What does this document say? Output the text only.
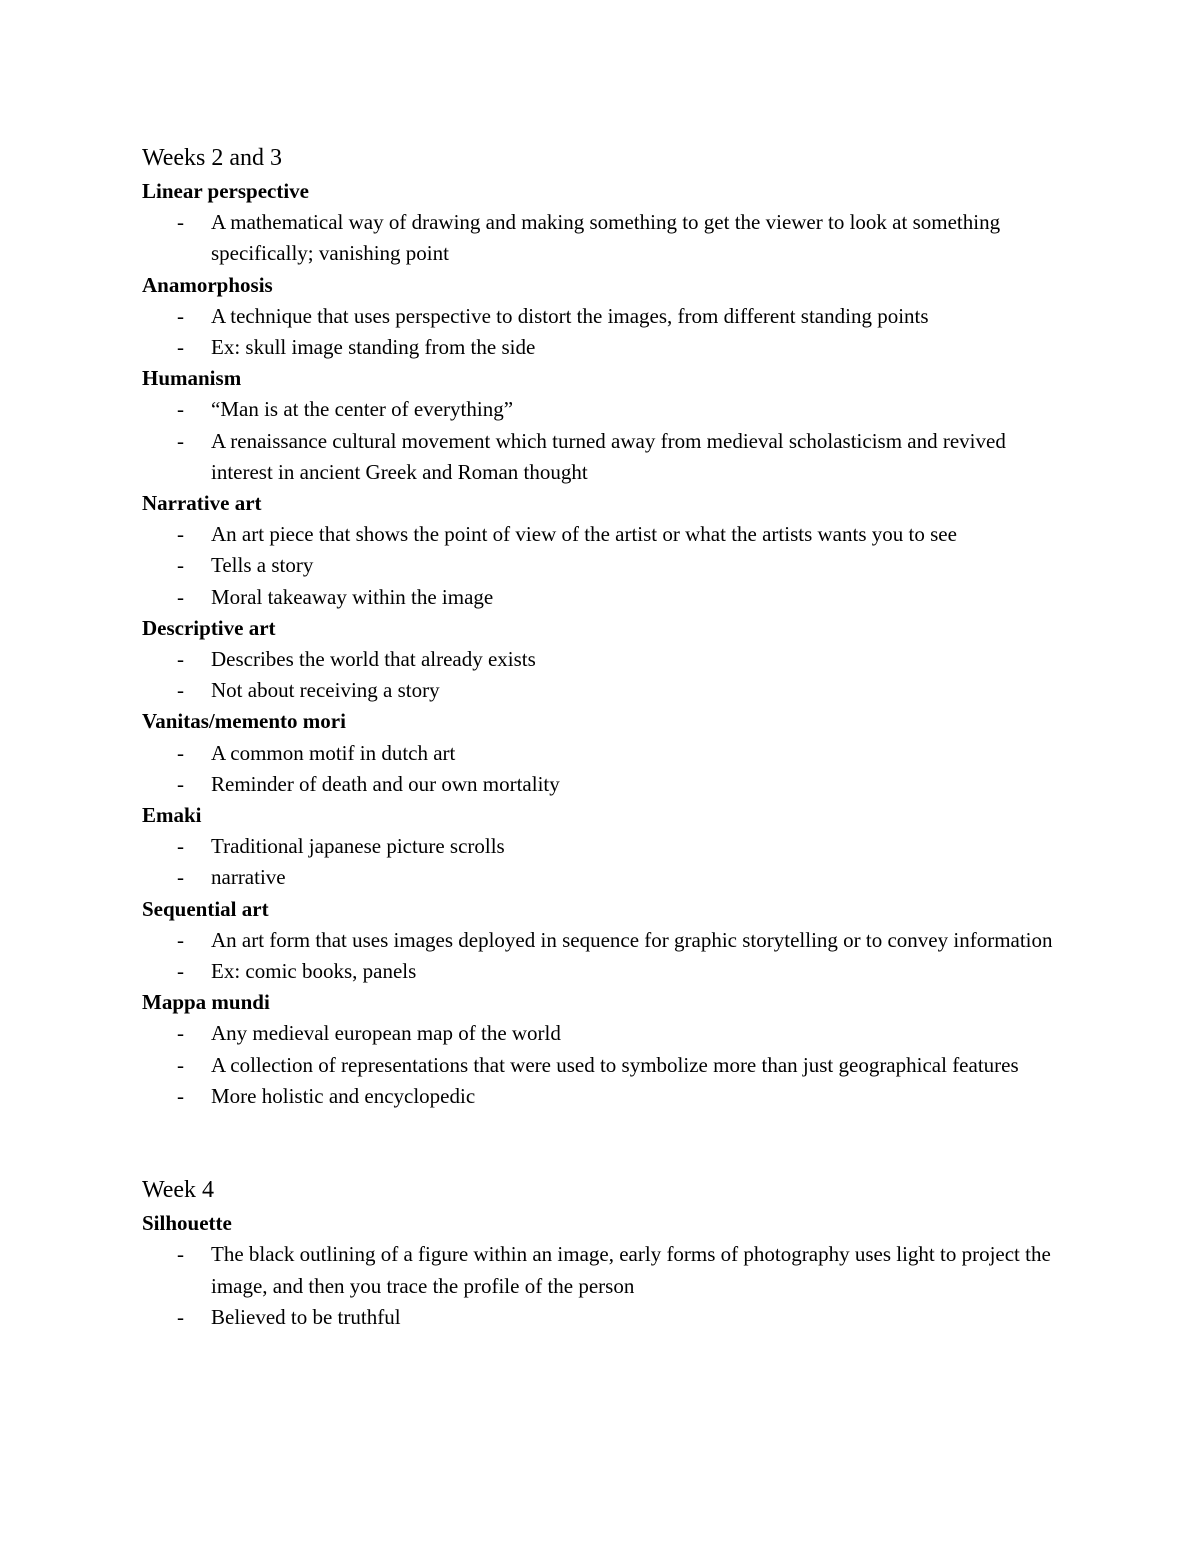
Weeks 2 and 3

Linear perspective

- A mathematical way of drawing and making something to get the viewer to look at something specifically; vanishing point

Anamorphosis

- A technique that uses perspective to distort the images, from different standing points
- Ex: skull image standing from the side

Humanism

- “Man is at the center of everything”
- A renaissance cultural movement which turned away from medieval scholasticism and revived interest in ancient Greek and Roman thought

Narrative art

- An art piece that shows the point of view of the artist or what the artists wants you to see
- Tells a story
- Moral takeaway within the image

Descriptive art

- Describes the world that already exists
- Not about receiving a story

Vanitas/memento mori

- A common motif in dutch art
- Reminder of death and our own mortality

Emaki

- Traditional japanese picture scrolls
- narrative

Sequential art

- An art form that uses images deployed in sequence for graphic storytelling or to convey information
- Ex: comic books, panels

Mappa mundi

- Any medieval european map of the world
- A collection of representations that were used to symbolize more than just geographical features
- More holistic and encyclopedic
Week 4

Silhouette

- The black outlining of a figure within an image, early forms of photography uses light to project the image, and then you trace the profile of the person
- Believed to be truthful
